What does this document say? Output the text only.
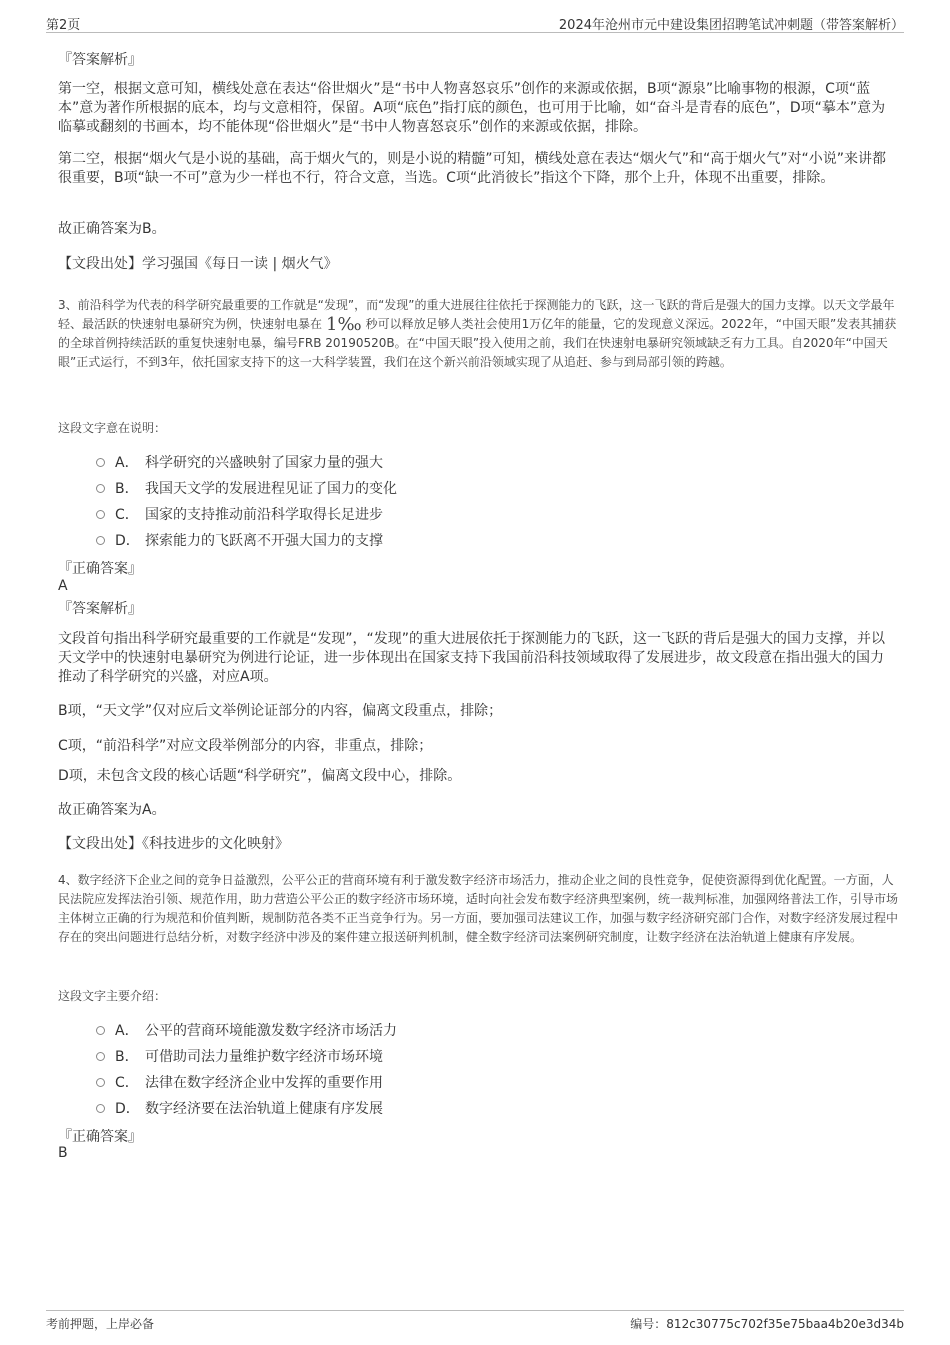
第2页	2024年沧州市元中建设集团招聘笔试冲刺题（带答案解析）
『答案解析』
第一空，根据文意可知，横线处意在表达“俗世烟火”是“书中人物喜怒哀乐”创作的来源或依据，B项“源泉”比喻事物的根源，C项“蓝本”意为著作所根据的底本，均与文意相符，保留。A项“底色”指打底的颜色，也可用于比喻，如“奋斗是青春的底色”，D项“摹本”意为临摹或翻刻的书画本，均不能体现“俗世烟火”是“书中人物喜怒哀乐”创作的来源或依据，排除。
第二空，根据“烟火气是小说的基础，高于烟火气的，则是小说的精髓”可知，横线处意在表达“烟火气”和“高于烟火气”对“小说”来讲都很重要，B项“缺一不可”意为少一样也不行，符合文意，当选。C项“此消彼长”指这个下降，那个上升，体现不出重要，排除。
故正确答案为B。
【文段出处】学习强国《每日一读 | 烟火气》
3、前沿科学为代表的科学研究最重要的工作就是“发现”，而“发现”的重大进展往往依托于探测能力的飞跃，这一飞跃的背后是强大的国力支撑。以天文学最年轻、最活跃的快速射电暴研究为例，快速射电暴在 1‰ 秒可以释放足够人类社会使用1万亿年的能量，它的发现意义深远。2022年，“中国天眼”发表其捕获的全球首例持续活跃的重复快速射电暴，编号FRB 20190520B。在“中国天眼”投入使用之前，我们在快速射电暴研究领域缺乏有力工具。自2020年“中国天眼”正式运行，不到3年，依托国家支持下的这一大科学装置，我们在这个新兴前沿领域实现了从追赶、参与到局部引领的跨越。
这段文字意在说明：
A． 科学研究的兴盛映射了国家力量的强大
B． 我国天文学的发展进程见证了国力的变化
C． 国家的支持推动前沿科学取得长足进步
D． 探索能力的飞跃离不开强大国力的支撑
『正确答案』
A
『答案解析』
文段首句指出科学研究最重要的工作就是“发现”，“发现”的重大进展依托于探测能力的飞跃，这一飞跃的背后是强大的国力支撑，并以天文学中的快速射电暴研究为例进行论证，进一步体现出在国家支持下我国前沿科技领域取得了发展进步，故文段意在指出强大的国力推动了科学研究的兴盛，对应A项。
B项，“天文学”仅对应后文举例论证部分的内容，偏离文段重点，排除；
C项，“前沿科学”对应文段举例部分的内容，非重点，排除；
D项，未包含文段的核心话题“科学研究”，偏离文段中心，排除。
故正确答案为A。
【文段出处】《科技进步的文化映射》
4、数字经济下企业之间的竞争日益激烈，公平公正的营商环境有利于激发数字经济市场活力，推动企业之间的良性竞争，促使资源得到优化配置。一方面，人民法院应发挥法治引领、规范作用，助力营造公平公正的数字经济市场环境，适时向社会发布数字经济典型案例，统一裁判标准，加强网络普法工作，引导市场主体树立正确的行为规范和价值判断，规制防范各类不正当竞争行为。另一方面，要加强司法建议工作，加强与数字经济研究部门合作，对数字经济发展过程中存在的突出问题进行总结分析，对数字经济中涉及的案件建立报送研判机制，健全数字经济司法案例研究制度，让数字经济在法治轨道上健康有序发展。
这段文字主要介绍：
A． 公平的营商环境能激发数字经济市场活力
B． 可借助司法力量维护数字经济市场环境
C． 法律在数字经济企业中发挥的重要作用
D． 数字经济要在法治轨道上健康有序发展
『正确答案』
B
考前押题，上岸必备	编号：812c30775c702f35e75baa4b20e3d34b
